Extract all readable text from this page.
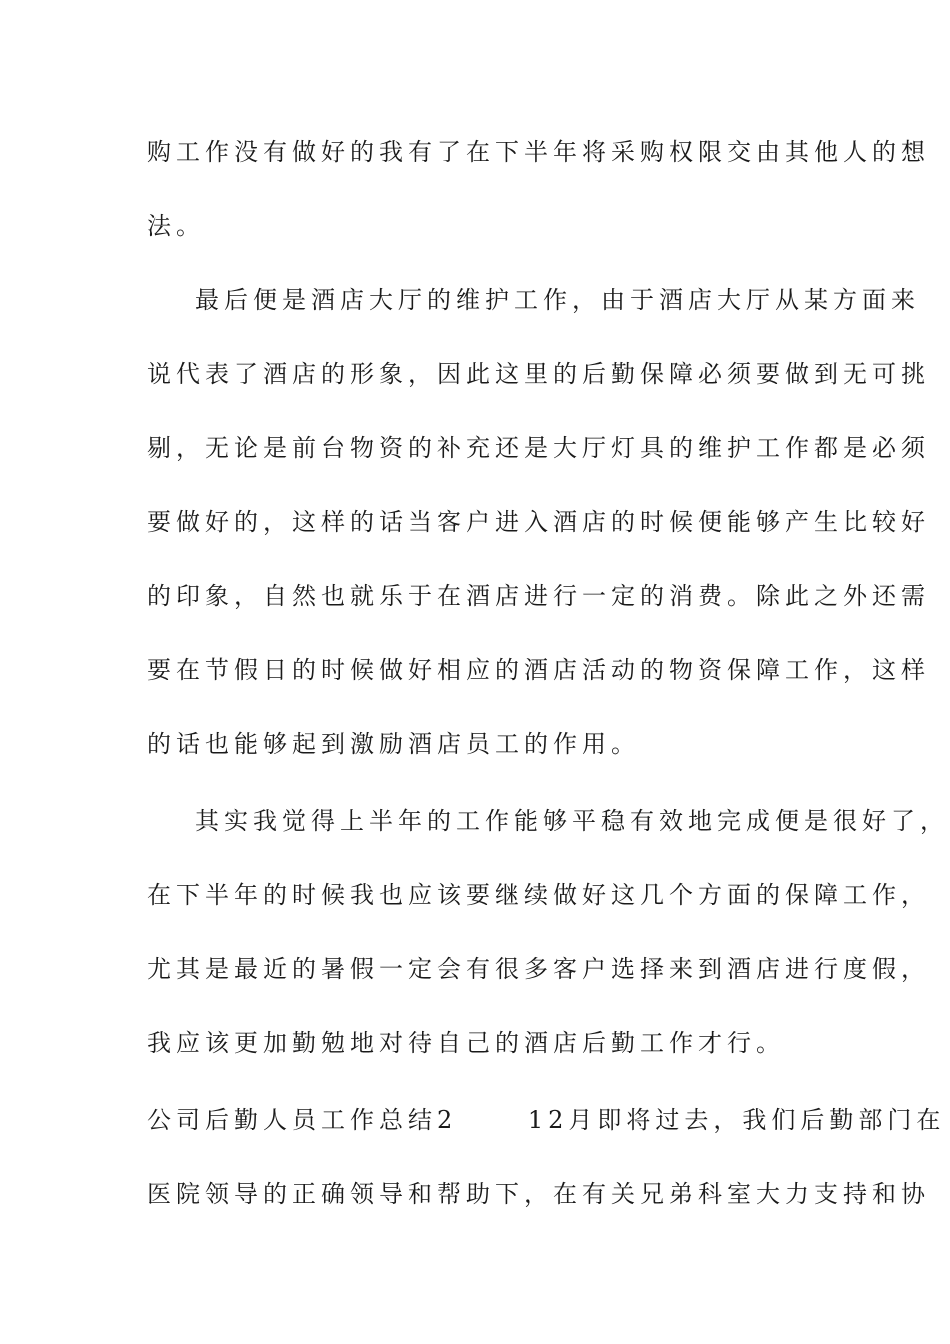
购工作没有做好的我有了在下半年将采购权限交由其他人的想
法。
最后便是酒店大厅的维护工作，由于酒店大厅从某方面来
说代表了酒店的形象，因此这里的后勤保障必须要做到无可挑
剔，无论是前台物资的补充还是大厅灯具的维护工作都是必须
要做好的，这样的话当客户进入酒店的时候便能够产生比较好
的印象，自然也就乐于在酒店进行一定的消费。除此之外还需
要在节假日的时候做好相应的酒店活动的物资保障工作，这样
的话也能够起到激励酒店员工的作用。
其实我觉得上半年的工作能够平稳有效地完成便是很好了，
在下半年的时候我也应该要继续做好这几个方面的保障工作，
尤其是最近的暑假一定会有很多客户选择来到酒店进行度假，
我应该更加勤勉地对待自己的酒店后勤工作才行。
公司后勤人员工作总结2　　 12月即将过去，我们后勤部门在
医院领导的正确领导和帮助下，在有关兄弟科室大力支持和协
